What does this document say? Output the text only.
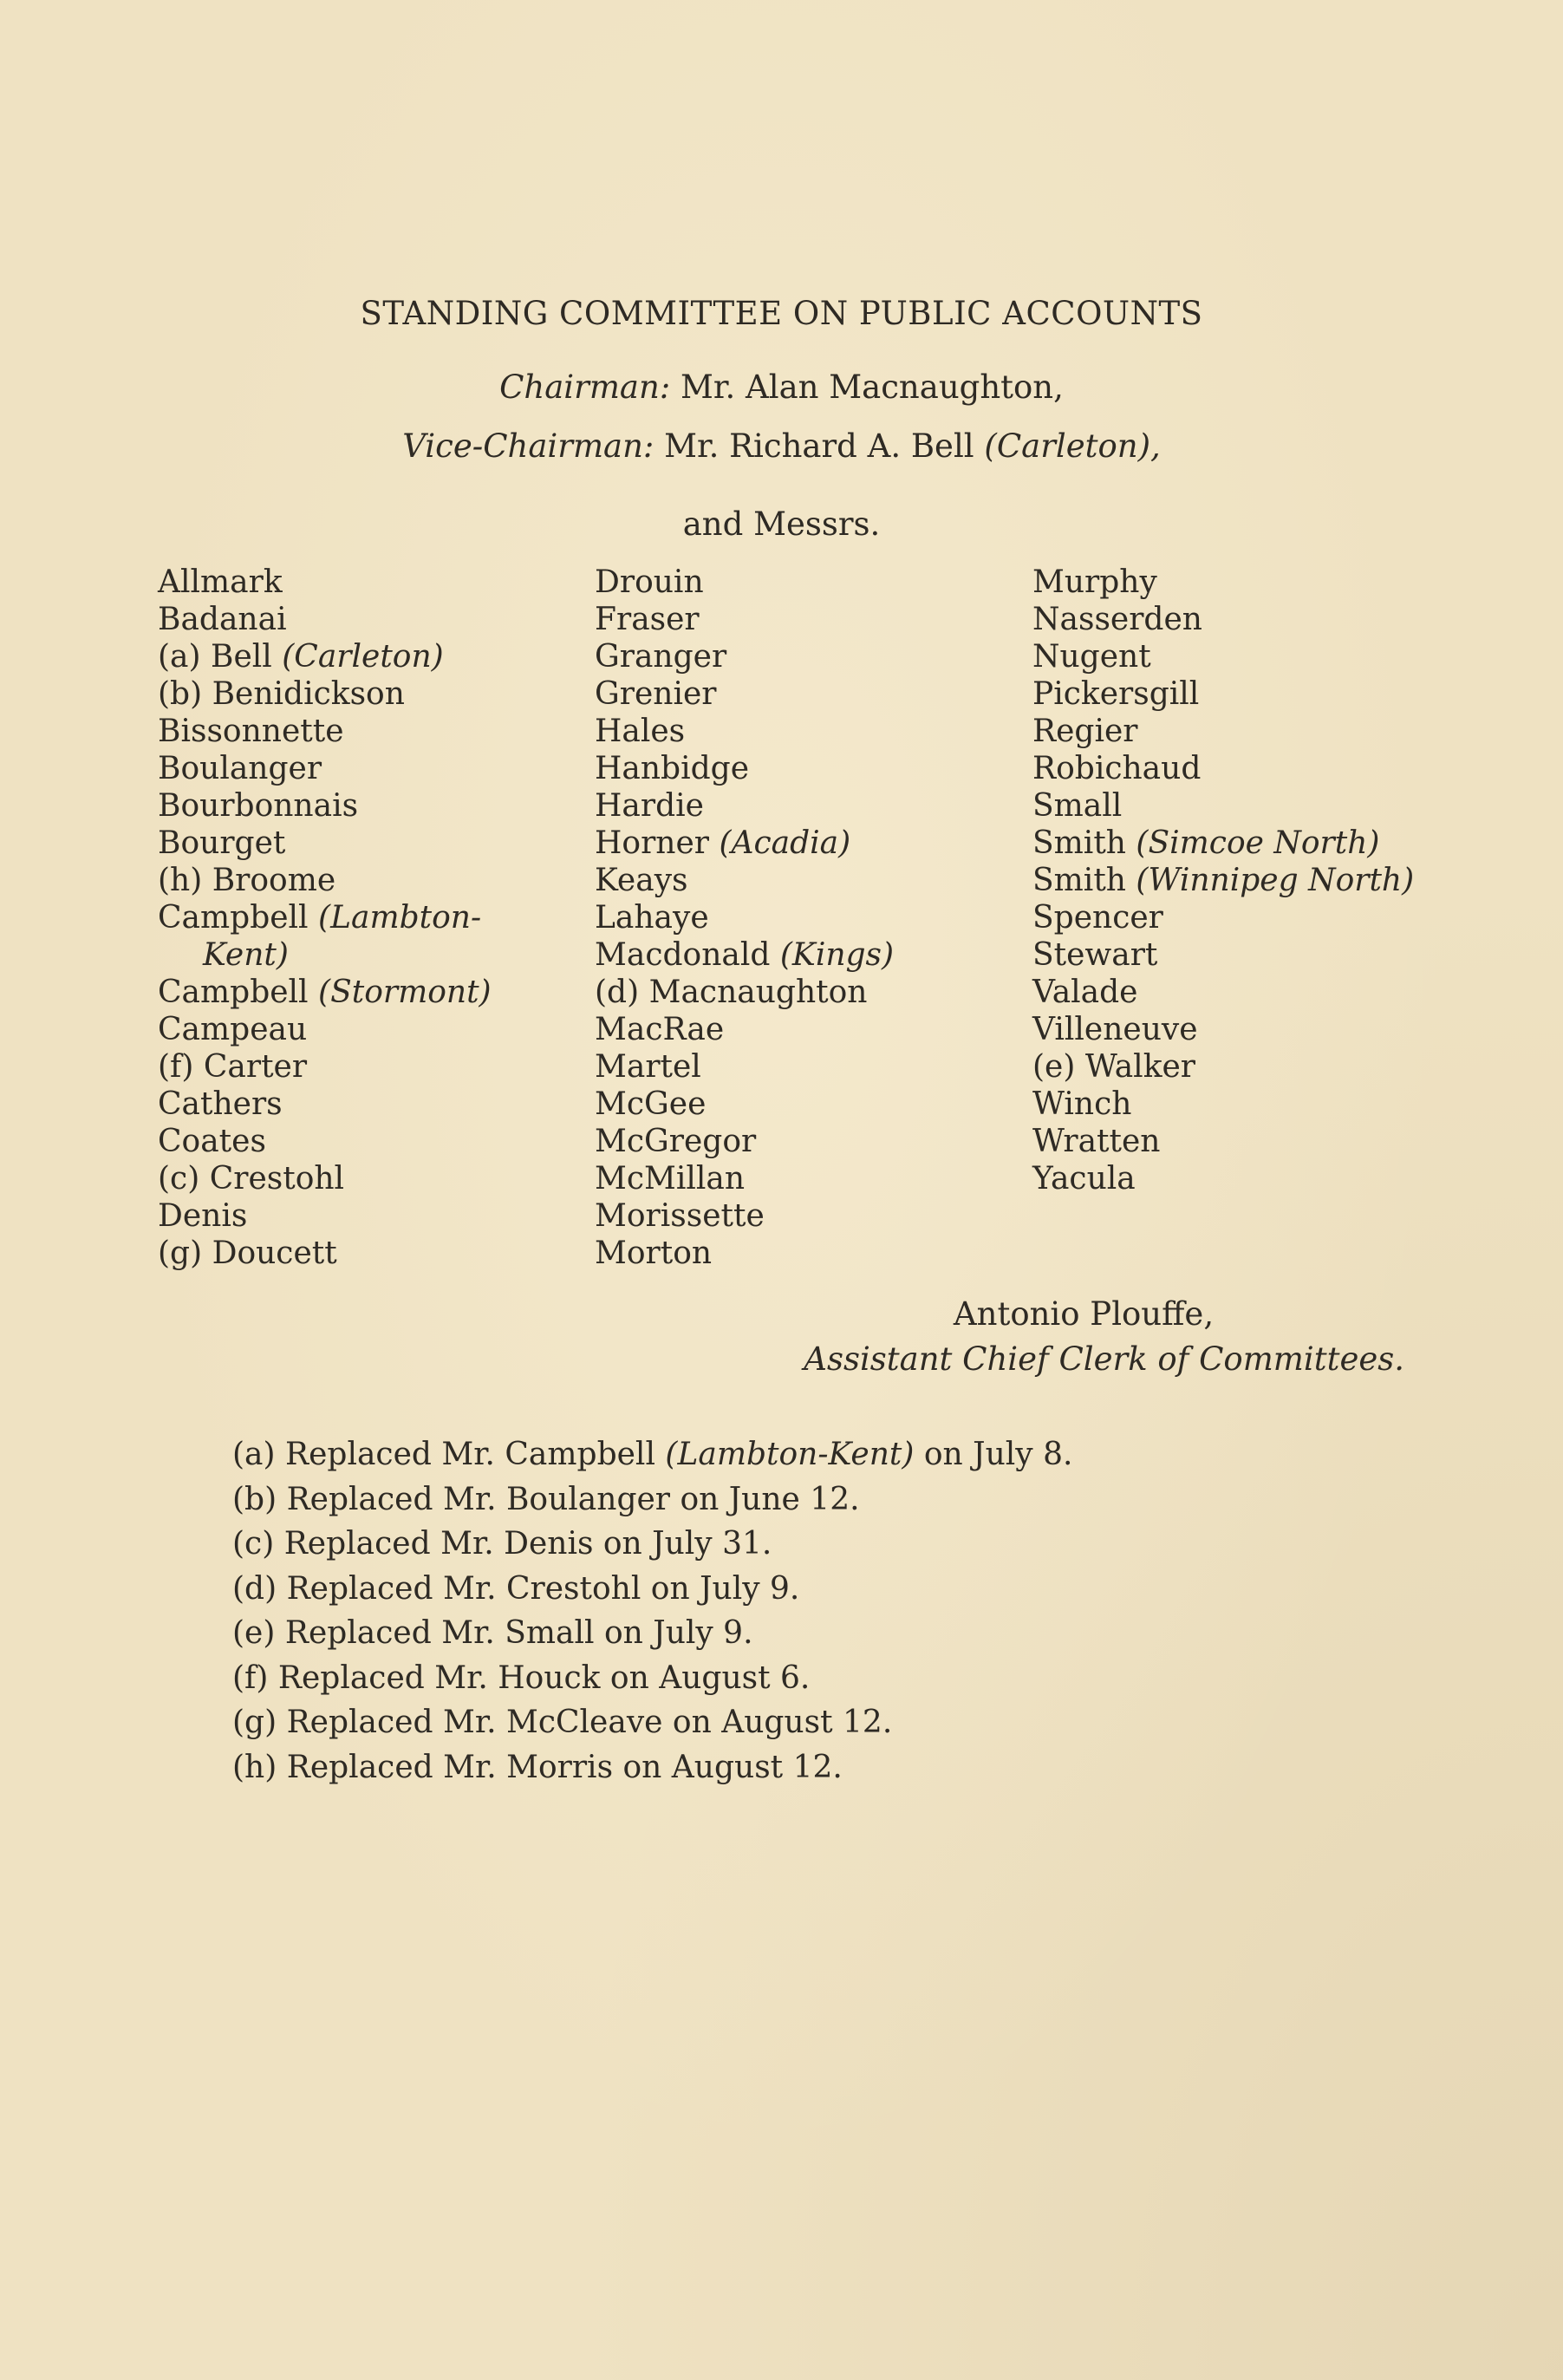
STANDING COMMITTEE ON PUBLIC ACCOUNTS
Chairman: Mr. Alan Macnaughton,
Vice-Chairman: Mr. Richard A. Bell (Carleton),
and Messrs.
Allmark
Badanai
(a) Bell (Carleton)
(b) Benidickson
Bissonnette
Boulanger
Bourbonnais
Bourget
(h) Broome
Campbell (Lambton-
Kent)
Campbell (Stormont)
Campeau
(f) Carter
Cathers
Coates
(c) Crestohl
Denis
(g) Doucett
Drouin
Fraser
Granger
Grenier
Hales
Hanbidge
Hardie
Horner (Acadia)
Keays
Lahaye
Macdonald (Kings)
(d) Macnaughton
MacRae
Martel
McGee
McGregor
McMillan
Morissette
Morton
Murphy
Nasserden
Nugent
Pickersgill
Regier
Robichaud
Small
Smith (Simcoe North)
Smith (Winnipeg North)
Spencer
Stewart
Valade
Villeneuve
(e) Walker
Winch
Wratten
Yacula
Antonio Plouffe,
Assistant Chief Clerk of Committees.
(a) Replaced Mr. Campbell (Lambton-Kent) on July 8.
(b) Replaced Mr. Boulanger on June 12.
(c) Replaced Mr. Denis on July 31.
(d) Replaced Mr. Crestohl on July 9.
(e) Replaced Mr. Small on July 9.
(f) Replaced Mr. Houck on August 6.
(g) Replaced Mr. McCleave on August 12.
(h) Replaced Mr. Morris on August 12.
